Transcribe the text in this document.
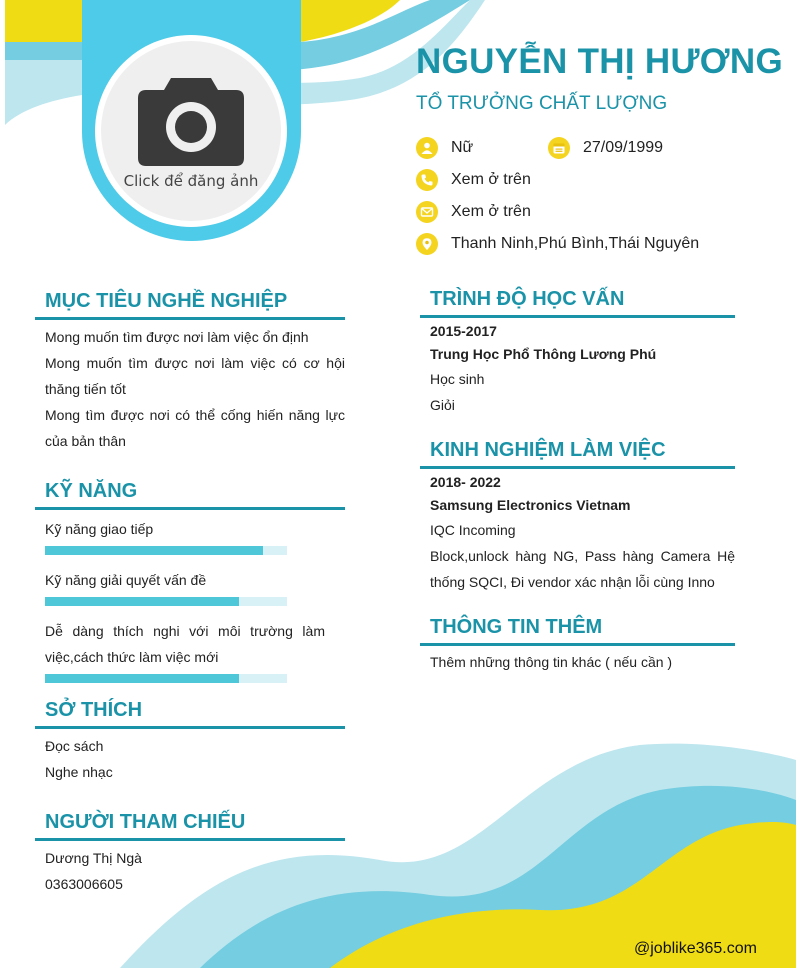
Click để đăng ảnh
NGUYỄN THỊ HƯƠNG
TỔ TRƯỞNG CHẤT LƯỢNG
Nữ	27/09/1999
Xem ở trên
Xem ở trên
Thanh Ninh,Phú Bình,Thái Nguyên
MỤC TIÊU NGHỀ NGHIỆP
Mong muốn tìm được nơi làm việc ổn định
Mong muốn tìm được nơi làm việc có cơ hội thăng tiến tốt
Mong tìm được nơi có thể cống hiến năng lực của bản thân
KỸ NĂNG
Kỹ năng giao tiếp
Kỹ năng giải quyết vấn đề
Dễ dàng thích nghi với môi trường làm việc,cách thức làm việc mới
SỞ THÍCH
Đọc sách
Nghe nhạc
NGƯỜI THAM CHIẾU
Dương Thị Ngà
0363006605
TRÌNH ĐỘ HỌC VẤN
2015-2017
Trung Học Phổ Thông Lương Phú
Học sinh
Giỏi
KINH NGHIỆM LÀM VIỆC
2018- 2022
Samsung Electronics Vietnam
IQC Incoming
Block,unlock hàng NG, Pass hàng Camera Hệ thống SQCI, Đi vendor xác nhận lỗi cùng Inno
THÔNG TIN THÊM
Thêm những thông tin khác ( nếu cần )
@joblike365.com
